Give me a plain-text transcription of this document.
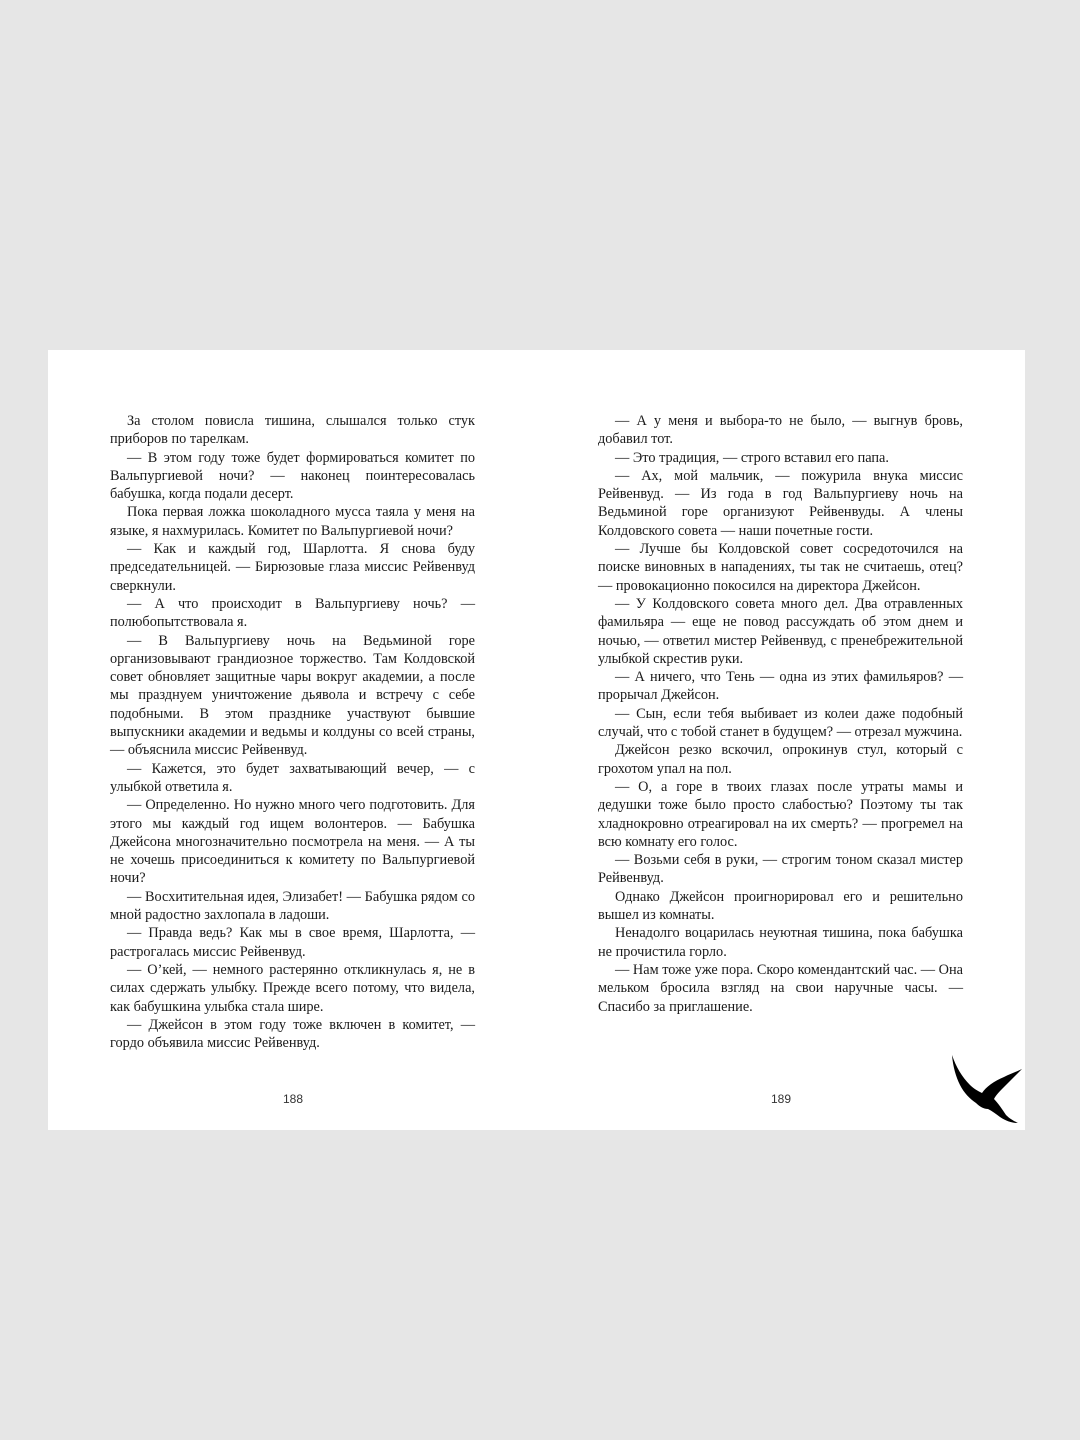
За столом повисла тишина, слышался только стук приборов по тарелкам.

— В этом году тоже будет формироваться комитет по Вальпургиевой ночи? — наконец поинтересовалась бабушка, когда подали десерт.

Пока первая ложка шоколадного мусса таяла у меня на языке, я нахмурилась. Комитет по Вальпургиевой ночи?

— Как и каждый год, Шарлотта. Я снова буду председательницей. — Бирюзовые глаза миссис Рейвенвуд сверкнули.

— А что происходит в Вальпургиеву ночь? — полюбопытствовала я.

— В Вальпургиеву ночь на Ведьминой горе организовывают грандиозное торжество. Там Колдовской совет обновляет защитные чары вокруг академии, а после мы празднуем уничтожение дьявола и встречу с себе подобными. В этом празднике участвуют бывшие выпускники академии и ведьмы и колдуны со всей страны, — объяснила миссис Рейвенвуд.

— Кажется, это будет захватывающий вечер, — с улыбкой ответила я.

— Определенно. Но нужно много чего подготовить. Для этого мы каждый год ищем волонтеров. — Бабушка Джейсона многозначительно посмотрела на меня. — А ты не хочешь присоединиться к комитету по Вальпургиевой ночи?

— Восхитительная идея, Элизабет! — Бабушка рядом со мной радостно захлопала в ладоши.

— Правда ведь? Как мы в свое время, Шарлотта, — растрогалась миссис Рейвенвуд.

— О’кей, — немного растерянно откликнулась я, не в силах сдержать улыбку. Прежде всего потому, что видела, как бабушкина улыбка стала шире.

— Джейсон в этом году тоже включен в комитет, — гордо объявила миссис Рейвенвуд.

— А у меня и выбора-то не было, — выгнув бровь, добавил тот.

— Это традиция, — строго вставил его папа.

— Ах, мой мальчик, — пожурила внука миссис Рейвенвуд. — Из года в год Вальпургиеву ночь на Ведьминой горе организуют Рейвенвуды. А члены Колдовского совета — наши почетные гости.

— Лучше бы Колдовской совет сосредоточился на поиске виновных в нападениях, ты так не считаешь, отец? — провокационно покосился на директора Джейсон.

— У Колдовского совета много дел. Два отравленных фамильяра — еще не повод рассуждать об этом днем и ночью, — ответил мистер Рейвенвуд, с пренебрежительной улыбкой скрестив руки.

— А ничего, что Тень — одна из этих фамильяров? — прорычал Джейсон.

— Сын, если тебя выбивает из колеи даже подобный случай, что с тобой станет в будущем? — отрезал мужчина.

Джейсон резко вскочил, опрокинув стул, который с грохотом упал на пол.

— О, а горе в твоих глазах после утраты мамы и дедушки тоже было просто слабостью? Поэтому ты так хладнокровно отреагировал на их смерть? — прогремел на всю комнату его голос.

— Возьми себя в руки, — строгим тоном сказал мистер Рейвенвуд.

Однако Джейсон проигнорировал его и решительно вышел из комнаты.

Ненадолго воцарилась неуютная тишина, пока бабушка не прочистила горло.

— Нам тоже уже пора. Скоро комендантский час. — Она мельком бросила взгляд на свои наручные часы. — Спасибо за приглашение.

188	189
